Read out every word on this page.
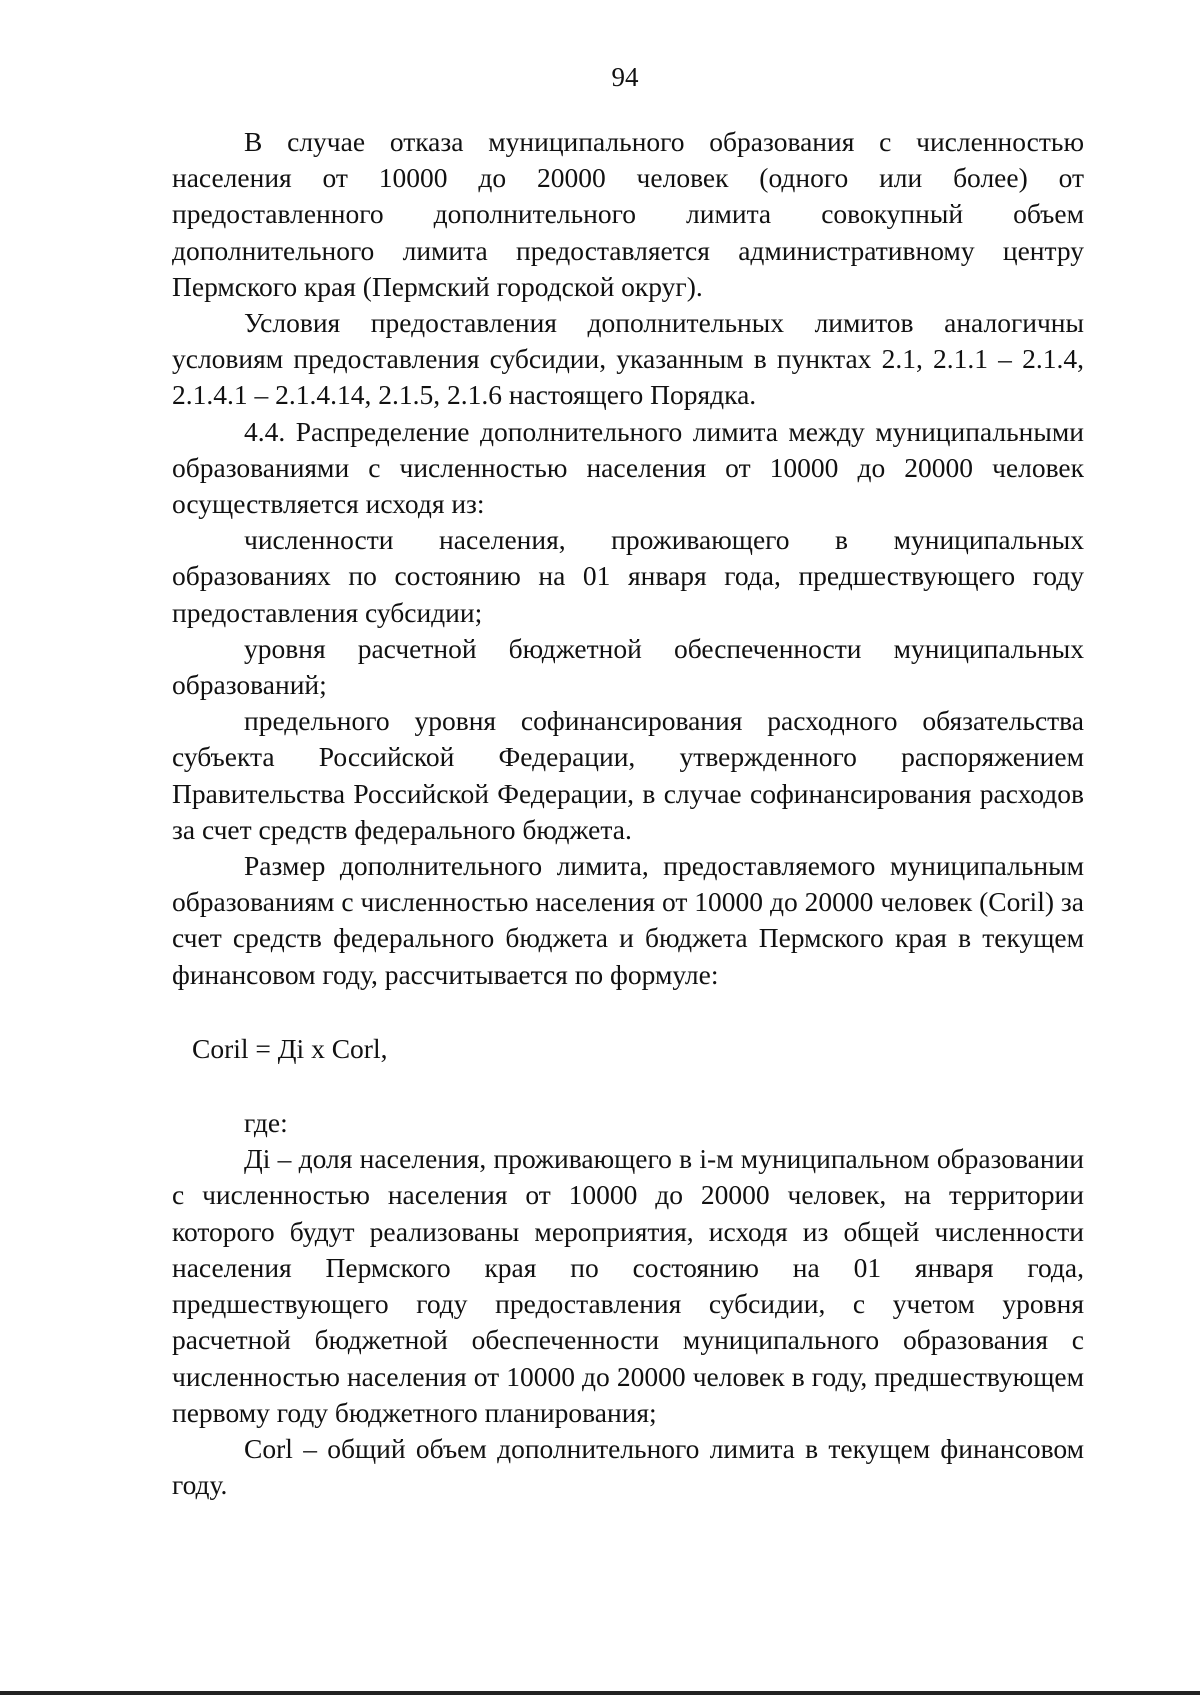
94

В случае отказа муниципального образования с численностью населения от 10000 до 20000 человек (одного или более) от предоставленного дополнительного лимита совокупный объем дополнительного лимита предоставляется административному центру Пермского края (Пермский городской округ).

Условия предоставления дополнительных лимитов аналогичны условиям предоставления субсидии, указанным в пунктах 2.1, 2.1.1 – 2.1.4, 2.1.4.1 – 2.1.4.14, 2.1.5, 2.1.6 настоящего Порядка.

4.4. Распределение дополнительного лимита между муниципальными образованиями с численностью населения от 10000 до 20000 человек осуществляется исходя из:

численности населения, проживающего в муниципальных образованиях по состоянию на 01 января года, предшествующего году предоставления субсидии;

уровня расчетной бюджетной обеспеченности муниципальных образований;

предельного уровня софинансирования расходного обязательства субъекта Российской Федерации, утвержденного распоряжением Правительства Российской Федерации, в случае софинансирования расходов за счет средств федерального бюджета.

Размер дополнительного лимита, предоставляемого муниципальным образованиям с численностью населения от 10000 до 20000 человек (Coril) за счет средств федерального бюджета и бюджета Пермского края в текущем финансовом году, рассчитывается по формуле:

Coril = Дi x Corl,

где:

Дi – доля населения, проживающего в i-м муниципальном образовании с численностью населения от 10000 до 20000 человек, на территории которого будут реализованы мероприятия, исходя из общей численности населения Пермского края по состоянию на 01 января года, предшествующего году предоставления субсидии, с учетом уровня расчетной бюджетной обеспеченности муниципального образования с численностью населения от 10000 до 20000 человек в году, предшествующем первому году бюджетного планирования;

Corl – общий объем дополнительного лимита в текущем финансовом году.
